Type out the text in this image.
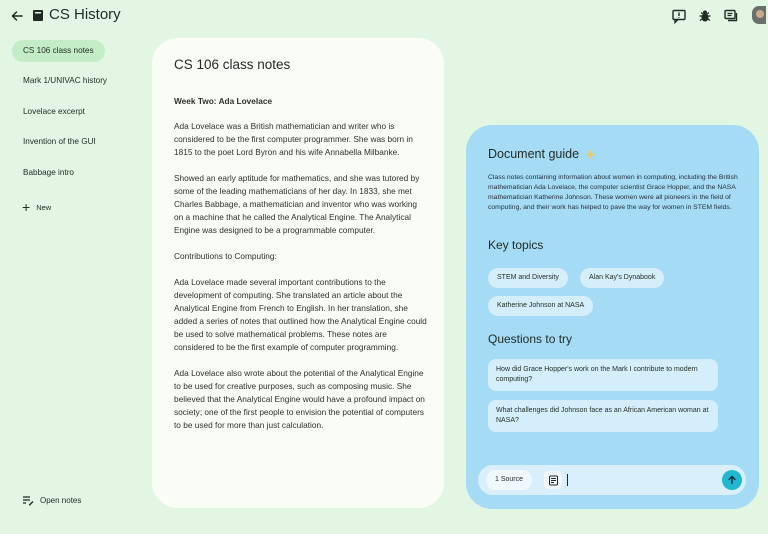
CS History
CS 106 class notes
Mark 1/UNIVAC history
Lovelace excerpt
Invention of the GUI
Babbage intro
+ New
Open notes
CS 106 class notes

Week Two: Ada Lovelace

Ada Lovelace was a British mathematician and writer who is considered to be the first computer programmer. She was born in 1815 to the poet Lord Byron and his wife Annabella Milbanke.

Showed an early aptitude for mathematics, and she was tutored by some of the leading mathematicians of her day. In 1833, she met Charles Babbage, a mathematician and inventor who was working on a machine that he called the Analytical Engine. The Analytical Engine was designed to be a programmable computer.

Contributions to Computing:

Ada Lovelace made several important contributions to the development of computing. She translated an article about the Analytical Engine from French to English. In her translation, she added a series of notes that outlined how the Analytical Engine could be used to solve mathematical problems. These notes are considered to be the first example of computer programming.

Ada Lovelace also wrote about the potential of the Analytical Engine to be used for creative purposes, such as composing music. She believed that the Analytical Engine would have a profound impact on society; one of the first people to envision the potential of computers to be used for more than just calculation.

Document guide
Class notes containing information about women in computing, including the British mathematician Ada Lovelace, the computer scientist Grace Hopper, and the NASA mathematician Katherine Johnson. These women were all pioneers in the field of computing, and their work has helped to pave the way for women in STEM fields.
Key topics
STEM and Diversity	Alan Kay's Dynabook
Katherine Johnson at NASA
Questions to try
How did Grace Hopper's work on the Mark I contribute to modern computing?
What challenges did Johnson face as an African American woman at NASA?
1 Source
